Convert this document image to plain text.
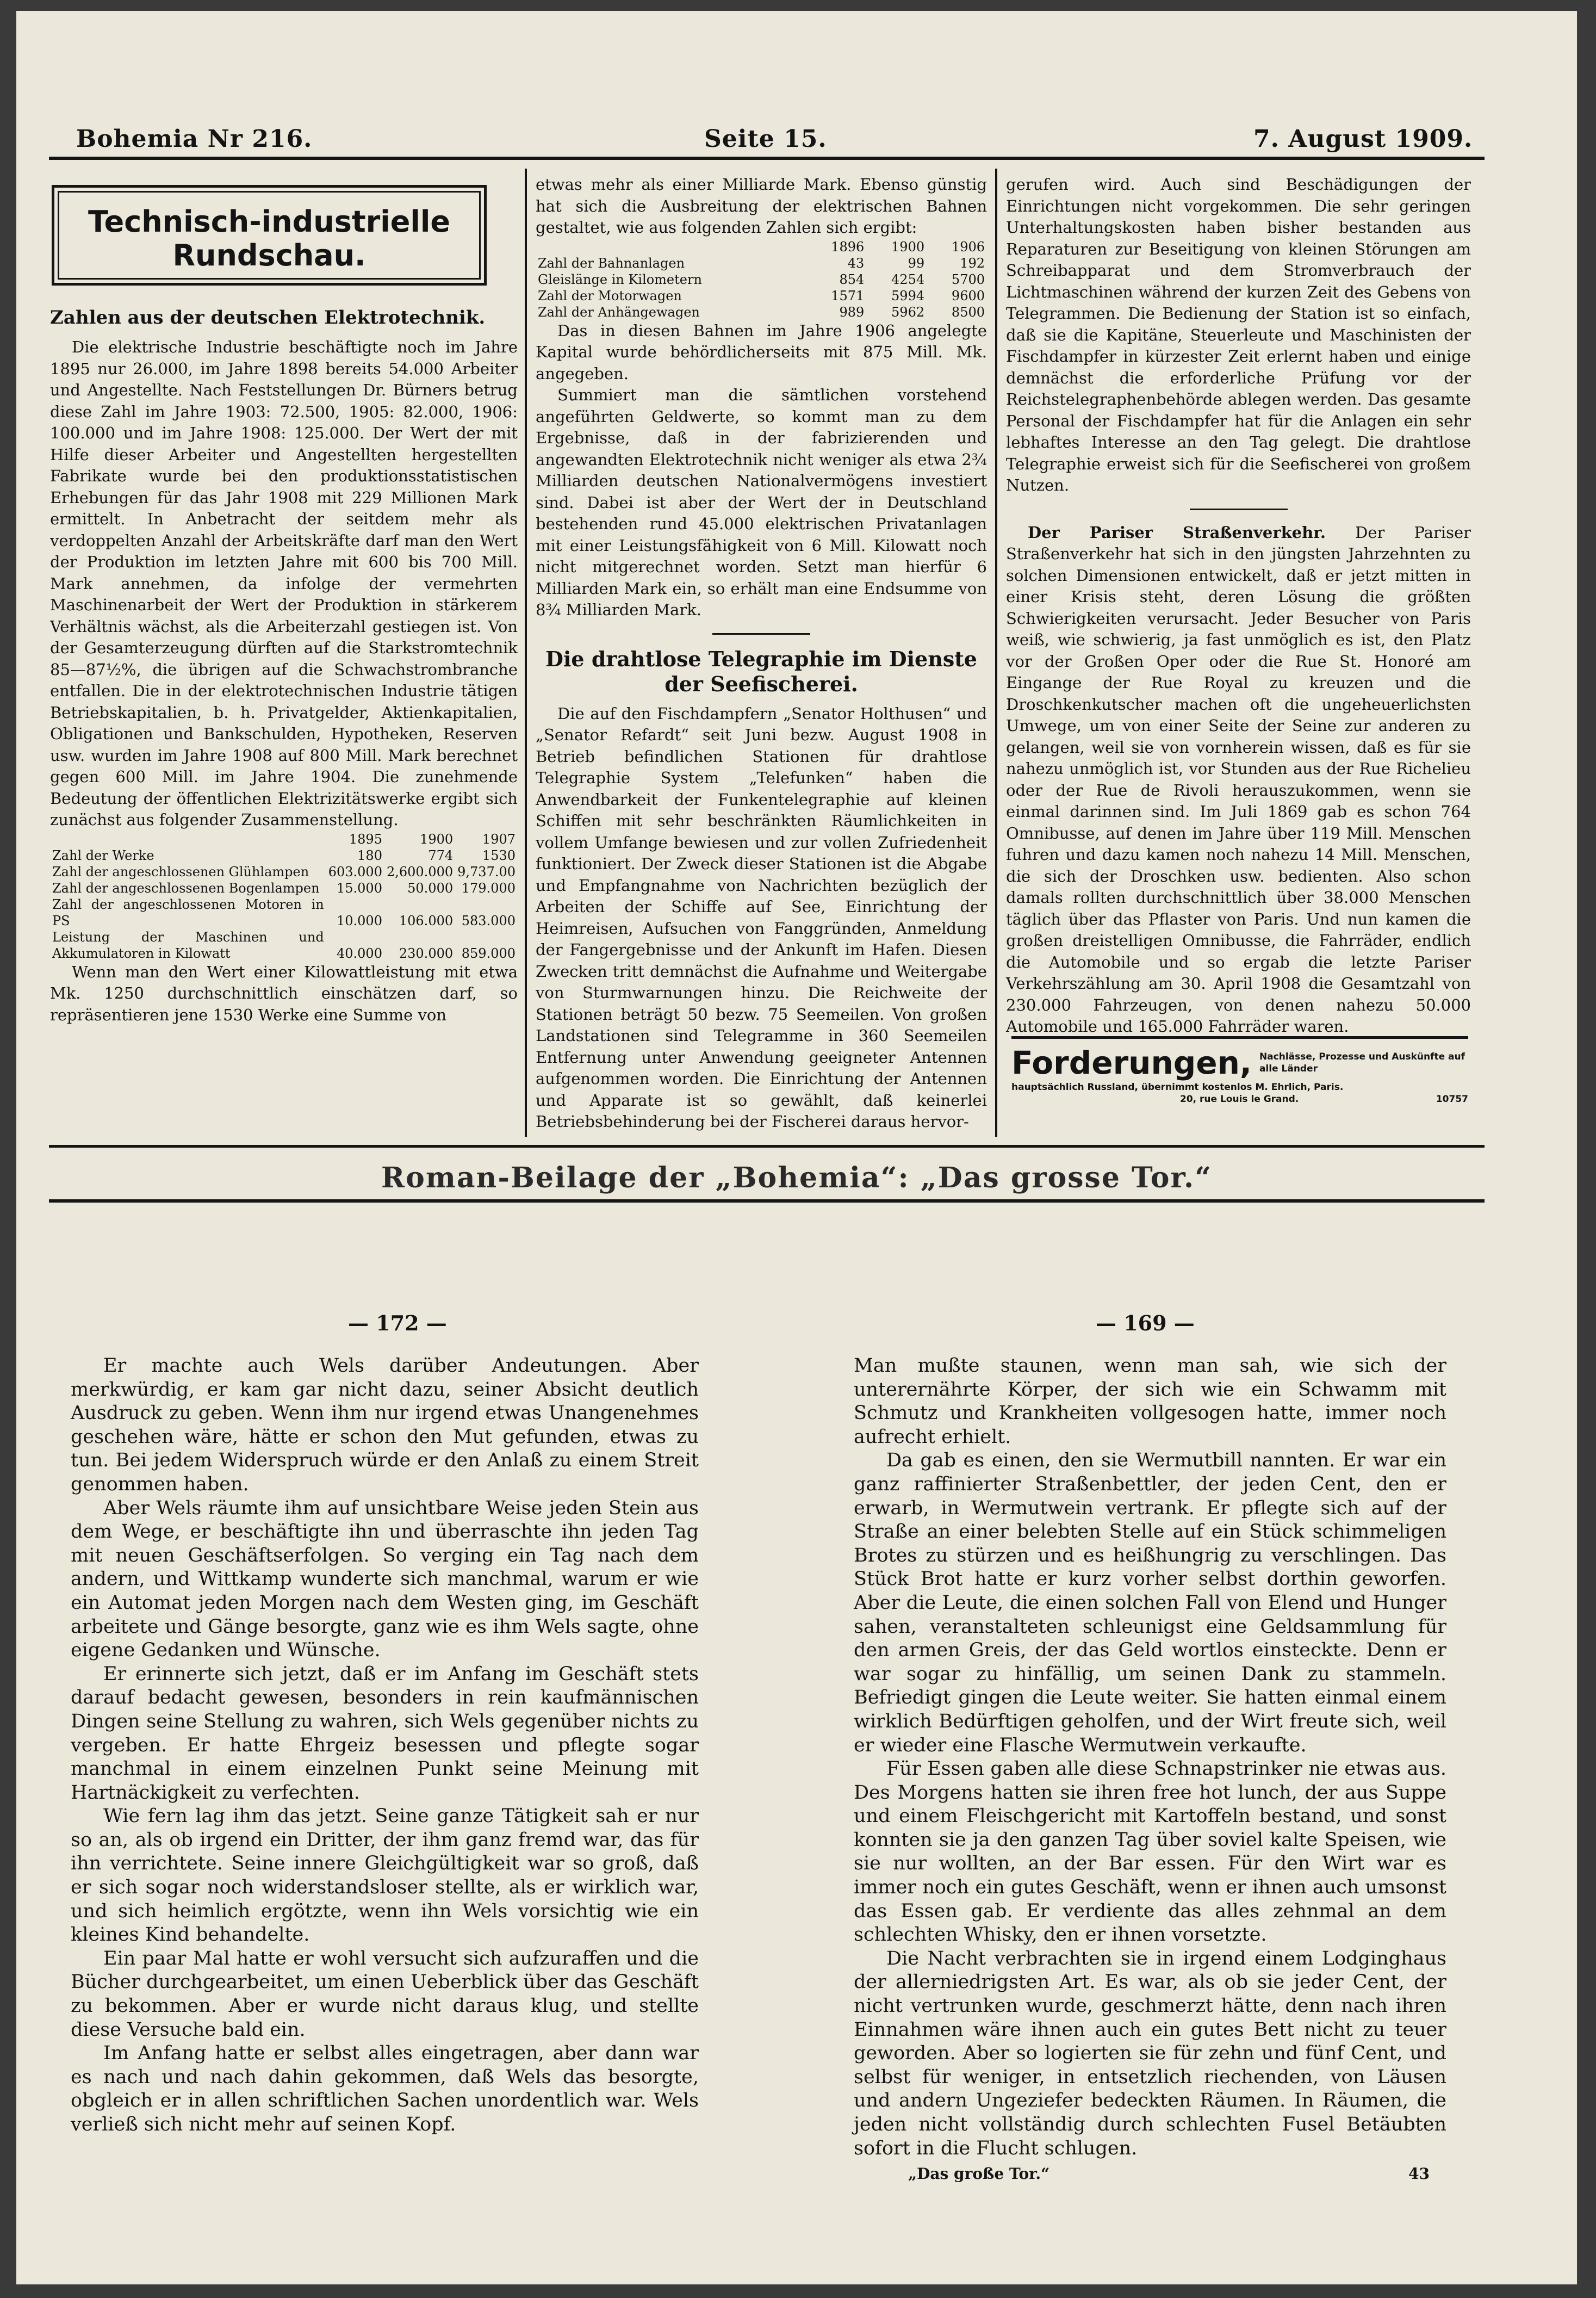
Bohemia Nr 216.	Seite 15.	7. August 1909.
Technisch-industrielle
Rundschau.
Zahlen aus der deutschen Elektrotechnik.

Die elektrische Industrie beschäftigte noch im Jahre 1895 nur 26.000, im Jahre 1898 bereits 54.000 Arbeiter und Angestellte. Nach Feststellungen Dr. Bürners betrug diese Zahl im Jahre 1903: 72.500, 1905: 82.000, 1906: 100.000 und im Jahre 1908: 125.000. Der Wert der mit Hilfe dieser Arbeiter und Angestellten hergestellten Fabrikate wurde bei den produktionsstatistischen Erhebungen für das Jahr 1908 mit 229 Millionen Mark ermittelt. In Anbetracht der seitdem mehr als verdoppelten Anzahl der Arbeitskräfte darf man den Wert der Produktion im letzten Jahre mit 600 bis 700 Mill. Mark annehmen, da infolge der vermehrten Maschinenarbeit der Wert der Produktion in stärkerem Verhältnis wächst, als die Arbeiterzahl gestiegen ist. Von der Gesamterzeugung dürften auf die Starkstromtechnik 85—87½%, die übrigen auf die Schwachstrombranche entfallen. Die in der elektrotechnischen Industrie tätigen Betriebskapitalien, b. h. Privatgelder, Aktienkapitalien, Obligationen und Bankschulden, Hypotheken, Reserven usw. wurden im Jahre 1908 auf 800 Mill. Mark berechnet gegen 600 Mill. im Jahre 1904. Die zunehmende Bedeutung der öffentlichen Elektrizitätswerke ergibt sich zunächst aus folgender Zusammenstellung.

	1895	1900	1907
Zahl der Werke	180	774	1530
Zahl der angeschlossenen Glühlampen	603.000	2,600.000	9,737.00
Zahl der angeschlossenen Bogenlampen	15.000	50.000	179.000
Zahl der angeschlossenen Motoren in PS	10.000	106.000	583.000
Leistung der Maschinen und Akkumulatoren in Kilowatt	40.000	230.000	859.000

Wenn man den Wert einer Kilowattleistung mit etwa Mk. 1250 durchschnittlich einschätzen darf, so repräsentieren jene 1530 Werke eine Summe von

etwas mehr als einer Milliarde Mark. Ebenso günstig hat sich die Ausbreitung der elektrischen Bahnen gestaltet, wie aus folgenden Zahlen sich ergibt:

	1896	1900	1906
Zahl der Bahnanlagen	43	99	192
Gleislänge in Kilometern	854	4254	5700
Zahl der Motorwagen	1571	5994	9600
Zahl der Anhängewagen	989	5962	8500

Das in diesen Bahnen im Jahre 1906 angelegte Kapital wurde behördlicherseits mit 875 Mill. Mk. angegeben.

Summiert man die sämtlichen vorstehend angeführten Geldwerte, so kommt man zu dem Ergebnisse, daß in der fabrizierenden und angewandten Elektrotechnik nicht weniger als etwa 2¾ Milliarden deutschen Nationalvermögens investiert sind. Dabei ist aber der Wert der in Deutschland bestehenden rund 45.000 elektrischen Privatanlagen mit einer Leistungsfähigkeit von 6 Mill. Kilowatt noch nicht mitgerechnet worden. Setzt man hierfür 6 Milliarden Mark ein, so erhält man eine Endsumme von 8¾ Milliarden Mark.

Die drahtlose Telegraphie im Dienste der Seefischerei.

Die auf den Fischdampfern „Senator Holthusen“ und „Senator Refardt“ seit Juni bezw. August 1908 in Betrieb befindlichen Stationen für drahtlose Telegraphie System „Telefunken“ haben die Anwendbarkeit der Funkentelegraphie auf kleinen Schiffen mit sehr beschränkten Räumlichkeiten in vollem Umfange bewiesen und zur vollen Zufriedenheit funktioniert. Der Zweck dieser Stationen ist die Abgabe und Empfangnahme von Nachrichten bezüglich der Arbeiten der Schiffe auf See, Einrichtung der Heimreisen, Aufsuchen von Fanggründen, Anmeldung der Fangergebnisse und der Ankunft im Hafen. Diesen Zwecken tritt demnächst die Aufnahme und Weitergabe von Sturmwarnungen hinzu. Die Reichweite der Stationen beträgt 50 bezw. 75 Seemeilen. Von großen Landstationen sind Telegramme in 360 Seemeilen Entfernung unter Anwendung geeigneter Antennen aufgenommen worden. Die Einrichtung der Antennen und Apparate ist so gewählt, daß keinerlei Betriebsbehinderung bei der Fischerei daraus hervor-

gerufen wird. Auch sind Beschädigungen der Einrichtungen nicht vorgekommen. Die sehr geringen Unterhaltungskosten haben bisher bestanden aus Reparaturen zur Beseitigung von kleinen Störungen am Schreibapparat und dem Stromverbrauch der Lichtmaschinen während der kurzen Zeit des Gebens von Telegrammen. Die Bedienung der Station ist so einfach, daß sie die Kapitäne, Steuerleute und Maschinisten der Fischdampfer in kürzester Zeit erlernt haben und einige demnächst die erforderliche Prüfung vor der Reichstelegraphenbehörde ablegen werden. Das gesamte Personal der Fischdampfer hat für die Anlagen ein sehr lebhaftes Interesse an den Tag gelegt. Die drahtlose Telegraphie erweist sich für die Seefischerei von großem Nutzen.

Der Pariser Straßenverkehr. Der Pariser Straßenverkehr hat sich in den jüngsten Jahrzehnten zu solchen Dimensionen entwickelt, daß er jetzt mitten in einer Krisis steht, deren Lösung die größten Schwierigkeiten verursacht. Jeder Besucher von Paris weiß, wie schwierig, ja fast unmöglich es ist, den Platz vor der Großen Oper oder die Rue St. Honoré am Eingange der Rue Royal zu kreuzen und die Droschkenkutscher machen oft die ungeheuerlichsten Umwege, um von einer Seite der Seine zur anderen zu gelangen, weil sie von vornherein wissen, daß es für sie nahezu unmöglich ist, vor Stunden aus der Rue Richelieu oder der Rue de Rivoli herauszukommen, wenn sie einmal darinnen sind. Im Juli 1869 gab es schon 764 Omnibusse, auf denen im Jahre über 119 Mill. Menschen fuhren und dazu kamen noch nahezu 14 Mill. Menschen, die sich der Droschken usw. bedienten. Also schon damals rollten durchschnittlich über 38.000 Menschen täglich über das Pflaster von Paris. Und nun kamen die großen dreistelligen Omnibusse, die Fahrräder, endlich die Automobile und so ergab die letzte Pariser Verkehrszählung am 30. April 1908 die Gesamtzahl von 230.000 Fahrzeugen, von denen nahezu 50.000 Automobile und 165.000 Fahrräder waren.

Forderungen, Nachlässe, Prozesse und Auskünfte auf alle Länder
hauptsächlich Russland, übernimmt kostenlos M. Ehrlich, Paris.
20, rue Louis le Grand.	10757
Roman-Beilage der „Bohemia“: „Das grosse Tor.“
— 172 —

Er machte auch Wels darüber Andeutungen. Aber merkwürdig, er kam gar nicht dazu, seiner Absicht deutlich Ausdruck zu geben. Wenn ihm nur irgend etwas Unangenehmes geschehen wäre, hätte er schon den Mut gefunden, etwas zu tun. Bei jedem Widerspruch würde er den Anlaß zu einem Streit genommen haben.

Aber Wels räumte ihm auf unsichtbare Weise jeden Stein aus dem Wege, er beschäftigte ihn und überraschte ihn jeden Tag mit neuen Geschäftserfolgen. So verging ein Tag nach dem andern, und Wittkamp wunderte sich manchmal, warum er wie ein Automat jeden Morgen nach dem Westen ging, im Geschäft arbeitete und Gänge besorgte, ganz wie es ihm Wels sagte, ohne eigene Gedanken und Wünsche.

Er erinnerte sich jetzt, daß er im Anfang im Geschäft stets darauf bedacht gewesen, besonders in rein kaufmännischen Dingen seine Stellung zu wahren, sich Wels gegenüber nichts zu vergeben. Er hatte Ehrgeiz besessen und pflegte sogar manchmal in einem einzelnen Punkt seine Meinung mit Hartnäckigkeit zu verfechten.

Wie fern lag ihm das jetzt. Seine ganze Tätigkeit sah er nur so an, als ob irgend ein Dritter, der ihm ganz fremd war, das für ihn verrichtete. Seine innere Gleichgültigkeit war so groß, daß er sich sogar noch widerstandsloser stellte, als er wirklich war, und sich heimlich ergötzte, wenn ihn Wels vorsichtig wie ein kleines Kind behandelte.

Ein paar Mal hatte er wohl versucht sich aufzuraffen und die Bücher durchgearbeitet, um einen Ueberblick über das Geschäft zu bekommen. Aber er wurde nicht daraus klug, und stellte diese Versuche bald ein.

Im Anfang hatte er selbst alles eingetragen, aber dann war es nach und nach dahin gekommen, daß Wels das besorgte, obgleich er in allen schriftlichen Sachen unordentlich war. Wels verließ sich nicht mehr auf seinen Kopf.

— 169 —

Man mußte staunen, wenn man sah, wie sich der unterernährte Körper, der sich wie ein Schwamm mit Schmutz und Krankheiten vollgesogen hatte, immer noch aufrecht erhielt.

Da gab es einen, den sie Wermutbill nannten. Er war ein ganz raffinierter Straßenbettler, der jeden Cent, den er erwarb, in Wermutwein vertrank. Er pflegte sich auf der Straße an einer belebten Stelle auf ein Stück schimmeligen Brotes zu stürzen und es heißhungrig zu verschlingen. Das Stück Brot hatte er kurz vorher selbst dorthin geworfen. Aber die Leute, die einen solchen Fall von Elend und Hunger sahen, veranstalteten schleunigst eine Geldsammlung für den armen Greis, der das Geld wortlos einsteckte. Denn er war sogar zu hinfällig, um seinen Dank zu stammeln. Befriedigt gingen die Leute weiter. Sie hatten einmal einem wirklich Bedürftigen geholfen, und der Wirt freute sich, weil er wieder eine Flasche Wermutwein verkaufte.

Für Essen gaben alle diese Schnapstrinker nie etwas aus. Des Morgens hatten sie ihren free hot lunch, der aus Suppe und einem Fleischgericht mit Kartoffeln bestand, und sonst konnten sie ja den ganzen Tag über soviel kalte Speisen, wie sie nur wollten, an der Bar essen. Für den Wirt war es immer noch ein gutes Geschäft, wenn er ihnen auch umsonst das Essen gab. Er verdiente das alles zehnmal an dem schlechten Whisky, den er ihnen vorsetzte.

Die Nacht verbrachten sie in irgend einem Lodginghaus der allerniedrigsten Art. Es war, als ob sie jeder Cent, der nicht vertrunken wurde, geschmerzt hätte, denn nach ihren Einnahmen wäre ihnen auch ein gutes Bett nicht zu teuer geworden. Aber so logierten sie für zehn und fünf Cent, und selbst für weniger, in entsetzlich riechenden, von Läusen und andern Ungeziefer bedeckten Räumen. In Räumen, die jeden nicht vollständig durch schlechten Fusel Betäubten sofort in die Flucht schlugen.

„Das große Tor.“	43
